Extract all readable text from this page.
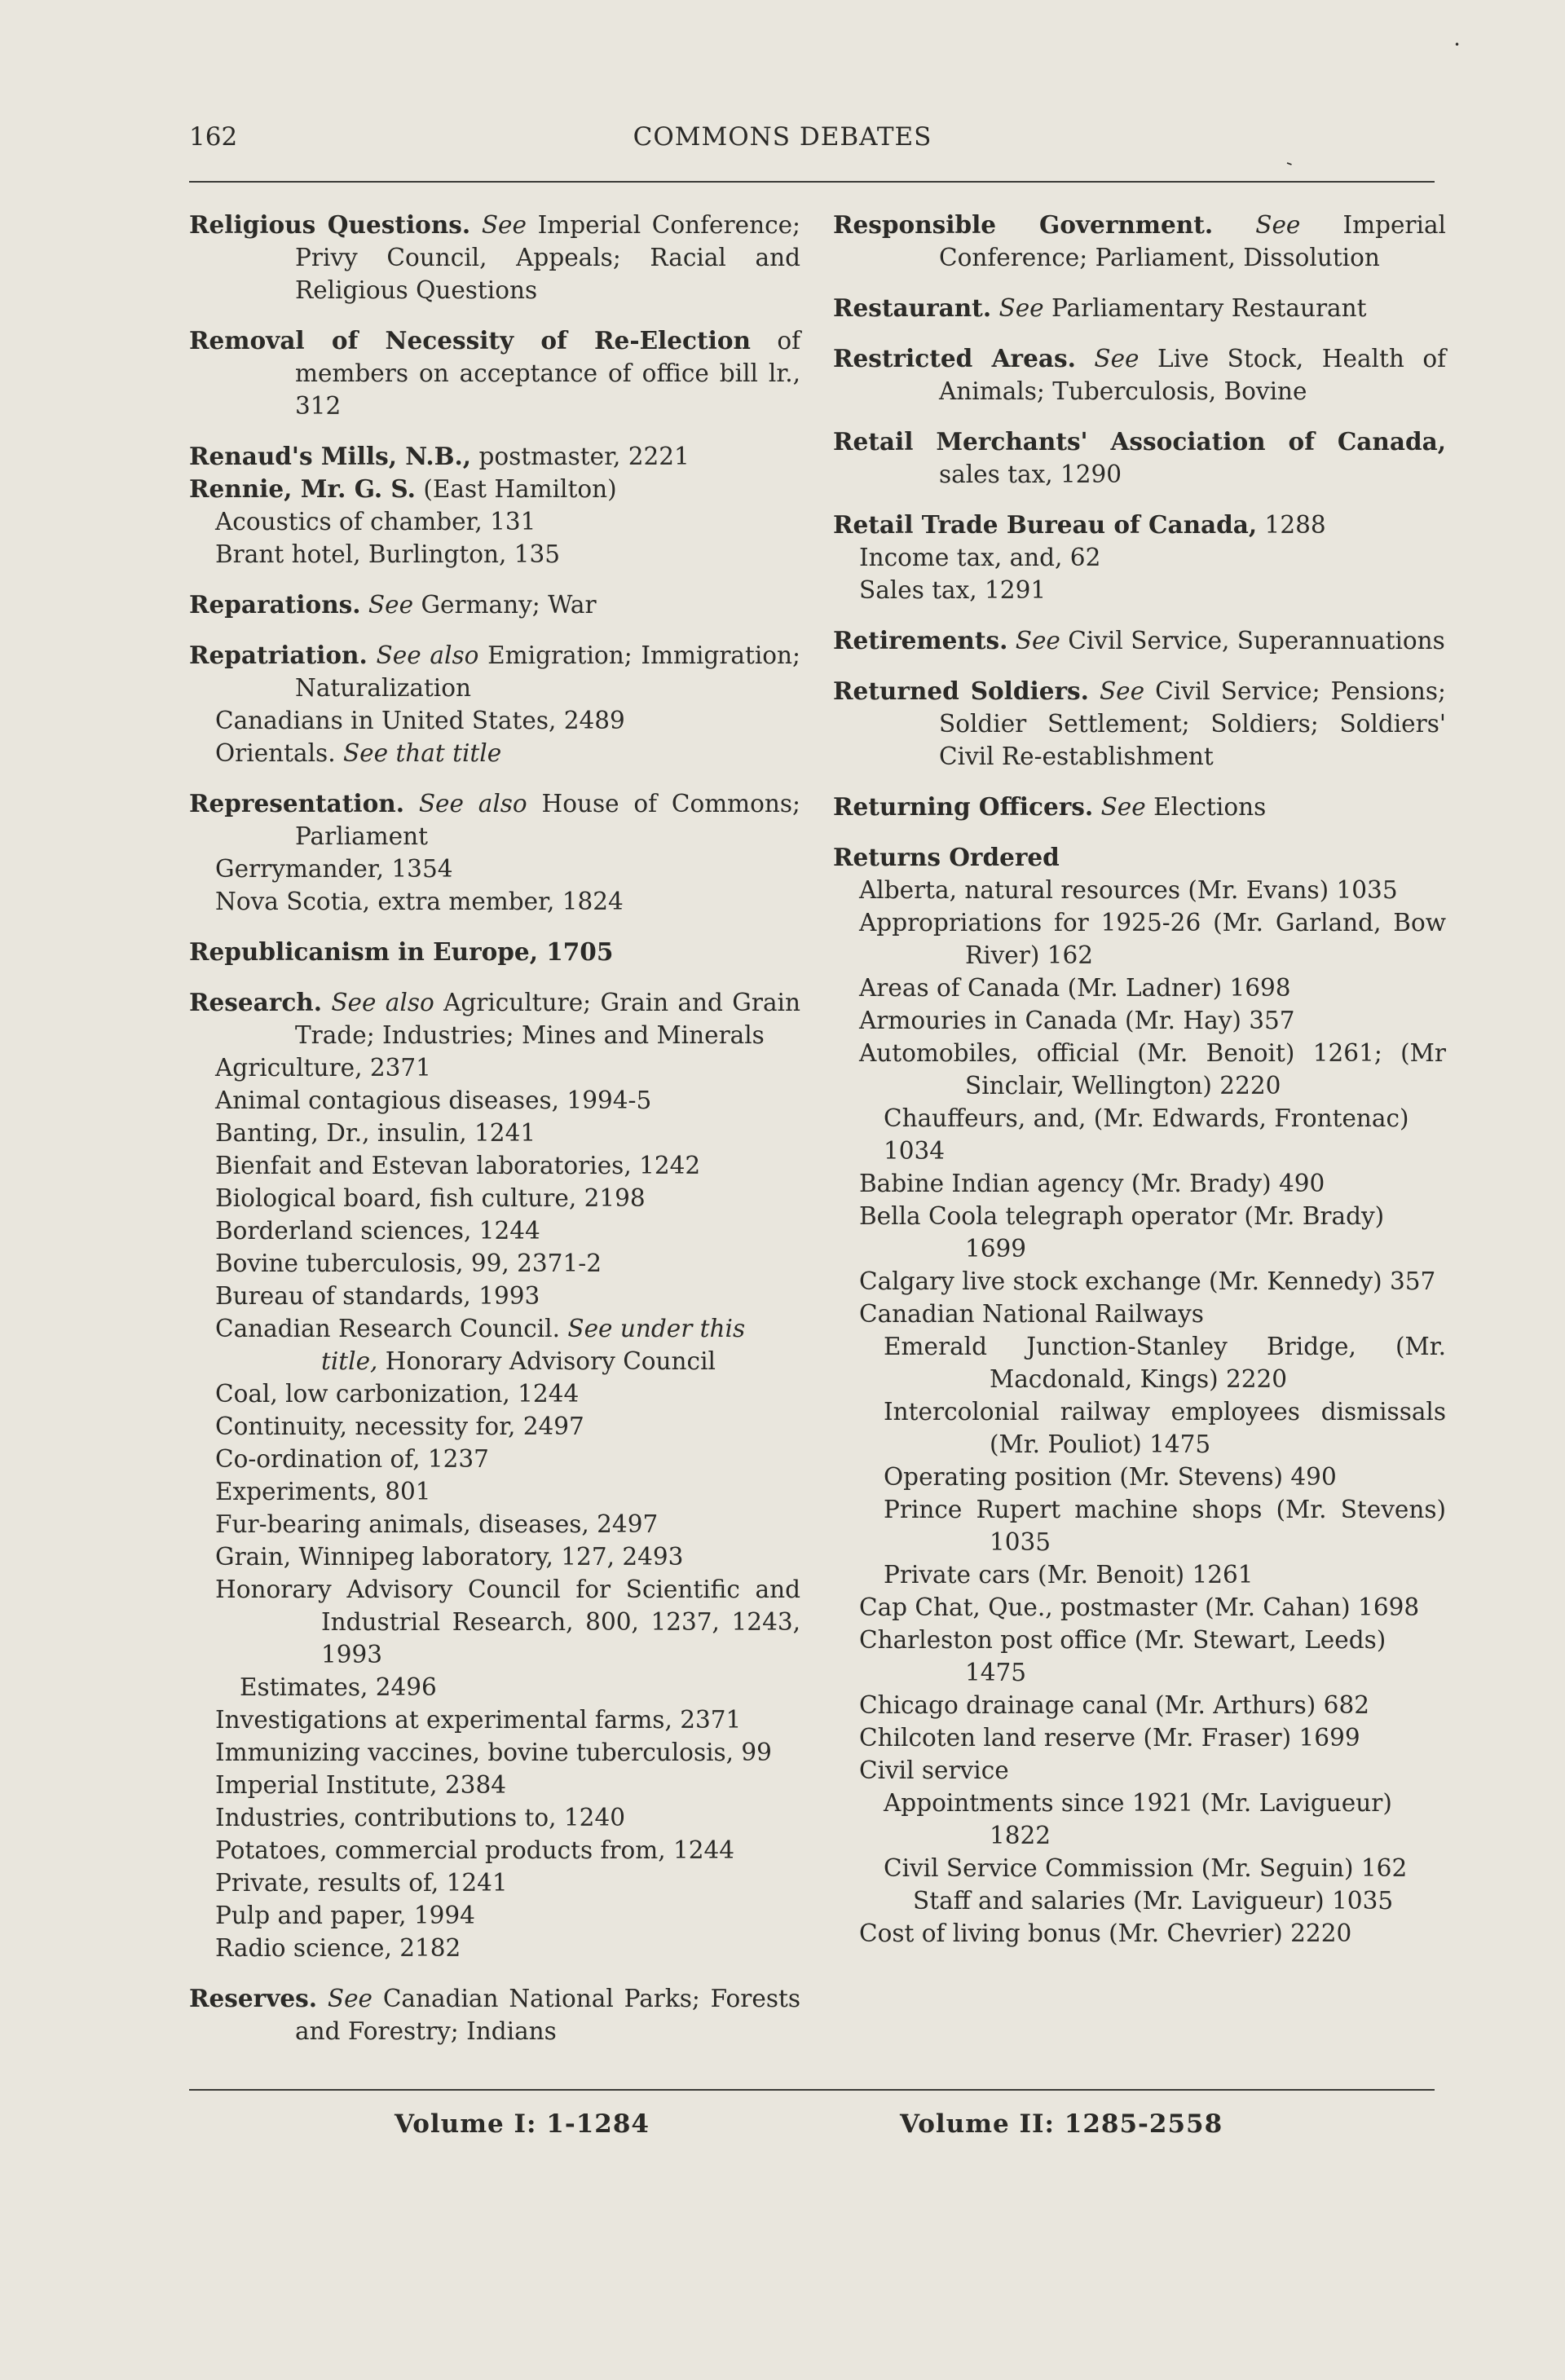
162	COMMONS DEBATES
•
‐

Religious Questions. See Imperial Conference; Privy Council, Appeals; Racial and Religious Questions

Removal of Necessity of Re-Election of members on acceptance of office bill lr., 312

Renaud's Mills, N.B., postmaster, 2221

Rennie, Mr. G. S. (East Hamilton)

Acoustics of chamber, 131

Brant hotel, Burlington, 135

Reparations. See Germany; War

Repatriation. See also Emigration; Immigration; Naturalization

Canadians in United States, 2489

Orientals. See that title

Representation. See also House of Commons; Parliament

Gerrymander, 1354

Nova Scotia, extra member, 1824

Republicanism in Europe, 1705

Research. See also Agriculture; Grain and Grain Trade; Industries; Mines and Minerals

Agriculture, 2371

Animal contagious diseases, 1994-5

Banting, Dr., insulin, 1241

Bienfait and Estevan laboratories, 1242

Biological board, fish culture, 2198

Borderland sciences, 1244

Bovine tuberculosis, 99, 2371-2

Bureau of standards, 1993

Canadian Research Council. See under this title, Honorary Advisory Council

Coal, low carbonization, 1244

Continuity, necessity for, 2497

Co-ordination of, 1237

Experiments, 801

Fur-bearing animals, diseases, 2497

Grain, Winnipeg laboratory, 127, 2493

Honorary Advisory Council for Scientific and Industrial Research, 800, 1237, 1243, 1993

Estimates, 2496

Investigations at experimental farms, 2371

Immunizing vaccines, bovine tuberculosis, 99

Imperial Institute, 2384

Industries, contributions to, 1240

Potatoes, commercial products from, 1244

Private, results of, 1241

Pulp and paper, 1994

Radio science, 2182

Reserves. See Canadian National Parks; Forests and Forestry; Indians

Responsible Government. See Imperial Conference; Parliament, Dissolution

Restaurant. See Parliamentary Restaurant

Restricted Areas. See Live Stock, Health of Animals; Tuberculosis, Bovine

Retail Merchants' Association of Canada, sales tax, 1290

Retail Trade Bureau of Canada, 1288

Income tax, and, 62

Sales tax, 1291

Retirements. See Civil Service, Superannuations

Returned Soldiers. See Civil Service; Pensions; Soldier Settlement; Soldiers; Soldiers' Civil Re-establishment

Returning Officers. See Elections

Returns Ordered

Alberta, natural resources (Mr. Evans) 1035

Appropriations for 1925-26 (Mr. Garland, Bow River) 162

Areas of Canada (Mr. Ladner) 1698

Armouries in Canada (Mr. Hay) 357

Automobiles, official (Mr. Benoit) 1261; (Mr Sinclair, Wellington) 2220

Chauffeurs, and, (Mr. Edwards, Frontenac) 1034

Babine Indian agency (Mr. Brady) 490

Bella Coola telegraph operator (Mr. Brady) 1699

Calgary live stock exchange (Mr. Kennedy) 357

Canadian National Railways

Emerald Junction-Stanley Bridge, (Mr. Macdonald, Kings) 2220

Intercolonial railway employees dismissals (Mr. Pouliot) 1475

Operating position (Mr. Stevens) 490

Prince Rupert machine shops (Mr. Stevens) 1035

Private cars (Mr. Benoit) 1261

Cap Chat, Que., postmaster (Mr. Cahan) 1698

Charleston post office (Mr. Stewart, Leeds) 1475

Chicago drainage canal (Mr. Arthurs) 682

Chilcoten land reserve (Mr. Fraser) 1699

Civil service

Appointments since 1921 (Mr. Lavigueur) 1822

Civil Service Commission (Mr. Seguin) 162

Staff and salaries (Mr. Lavigueur) 1035

Cost of living bonus (Mr. Chevrier) 2220

Volume I: 1-1284	Volume II: 1285-2558
